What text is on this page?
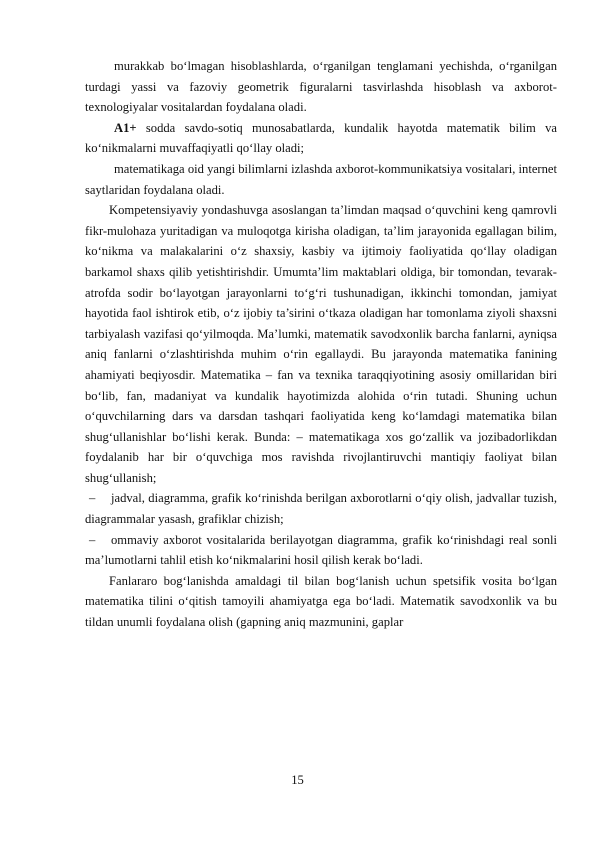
murakkab bo‘lmagan hisoblashlarda, o‘rganilgan tenglamani yechishda, o‘rganilgan turdagi yassi va fazoviy geometrik figuralarni tasvirlashda hisoblash va axborot-texnologiyalar vositalardan foydalana oladi.

A1+ sodda savdo-sotiq munosabatlarda, kundalik hayotda matematik bilim va ko‘nikmalarni muvaffaqiyatli qo‘llay oladi;

matematikaga oid yangi bilimlarni izlashda axborot-kommunikatsiya vositalari, internet saytlaridan foydalana oladi.

Kompetensiyaviy yondashuvga asoslangan ta’limdan maqsad o‘quvchini keng qamrovli fikr-mulohaza yuritadigan va muloqotga kirisha oladigan, ta’lim jarayonida egallagan bilim, ko‘nikma va malakalarini o‘z shaxsiy, kasbiy va ijtimoiy faoliyatida qo‘llay oladigan barkamol shaxs qilib yetishtirishdir. Umumta’lim maktablari oldiga, bir tomondan, tevarak-atrofda sodir bo‘layotgan jarayonlarni to‘g‘ri tushunadigan, ikkinchi tomondan, jamiyat hayotida faol ishtirok etib, o‘z ijobiy ta’sirini o‘tkaza oladigan har tomonlama ziyoli shaxsni tarbiyalash vazifasi qo‘yilmoqda. Ma’lumki, matematik savodxonlik barcha fanlarni, ayniqsa aniq fanlarni o‘zlashtirishda muhim o‘rin egallaydi. Bu jarayonda matematika fanining ahamiyati beqiyosdir. Matematika – fan va texnika taraqqiyotining asosiy omillaridan biri bo‘lib, fan, madaniyat va kundalik hayotimizda alohida o‘rin tutadi. Shuning uchun o‘quvchilarning dars va darsdan tashqari faoliyatida keng ko‘lamdagi matematika bilan shug‘ullanishlar bo‘lishi kerak. Bunda: – matematikaga xos go‘zallik va jozibadorlikdan foydalanib har bir o‘quvchiga mos ravishda rivojlantiruvchi mantiqiy faoliyat bilan shug‘ullanish;

– jadval, diagramma, grafik ko‘rinishda berilgan axborotlarni o‘qiy olish, jadvallar tuzish, diagrammalar yasash, grafiklar chizish;

– ommaviy axborot vositalarida berilayotgan diagramma, grafik ko‘rinishdagi real sonli ma’lumotlarni tahlil etish ko‘nikmalarini hosil qilish kerak bo‘ladi.

Fanlararo bog‘lanishda amaldagi til bilan bog‘lanish uchun spetsifik vosita bo‘lgan matematika tilini o‘qitish tamoyili ahamiyatga ega bo‘ladi. Matematik savodxonlik va bu tildan unumli foydalana olish (gapning aniq mazmunini, gaplar

15
